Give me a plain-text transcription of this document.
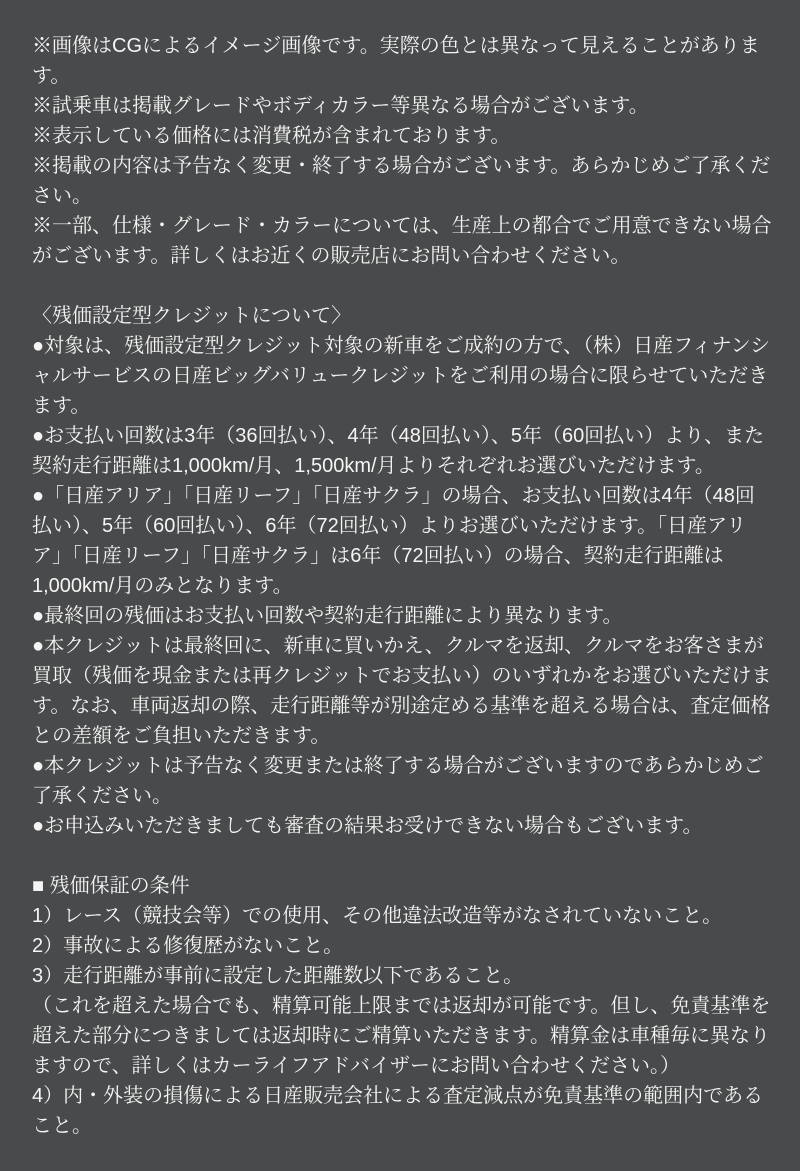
※画像はCGによるイメージ画像です。実際の色とは異なって見えることがあります。

※試乗車は掲載グレードやボディカラー等異なる場合がございます。

※表示している価格には消費税が含まれております。

※掲載の内容は予告なく変更・終了する場合がございます。あらかじめご了承ください。

※一部、仕様・グレード・カラーについては、生産上の都合でご用意できない場合がございます。詳しくはお近くの販売店にお問い合わせください。

〈残価設定型クレジットについて〉

●対象は、残価設定型クレジット対象の新車をご成約の方で、（株）日産フィナンシャルサービスの日産ビッグバリュークレジットをご利用の場合に限らせていただきます。

●お支払い回数は3年（36回払い）、4年（48回払い）、5年（60回払い）より、また契約走行距離は1,000km/月、1,500km/月よりそれぞれお選びいただけます。

●「日産アリア」「日産リーフ」「日産サクラ」の場合、お支払い回数は4年（48回払い）、5年（60回払い）、6年（72回払い）よりお選びいただけます。「日産アリア」「日産リーフ」「日産サクラ」は6年（72回払い）の場合、契約走行距離は1,000km/月のみとなります。

●最終回の残価はお支払い回数や契約走行距離により異なります。

●本クレジットは最終回に、新車に買いかえ、クルマを返却、クルマをお客さまが買取（残価を現金または再クレジットでお支払い）のいずれかをお選びいただけます。なお、車両返却の際、走行距離等が別途定める基準を超える場合は、査定価格との差額をご負担いただきます。

●本クレジットは予告なく変更または終了する場合がございますのであらかじめご了承ください。

●お申込みいただきましても審査の結果お受けできない場合もございます。

■ 残価保証の条件

1）レース（競技会等）での使用、その他違法改造等がなされていないこと。

2）事故による修復歴がないこと。

3）走行距離が事前に設定した距離数以下であること。

（これを超えた場合でも、精算可能上限までは返却が可能です。但し、免責基準を超えた部分につきましては返却時にご精算いただきます。精算金は車種毎に異なりますので、詳しくはカーライフアドバイザーにお問い合わせください。）

4）内・外装の損傷による日産販売会社による査定減点が免責基準の範囲内であること。
